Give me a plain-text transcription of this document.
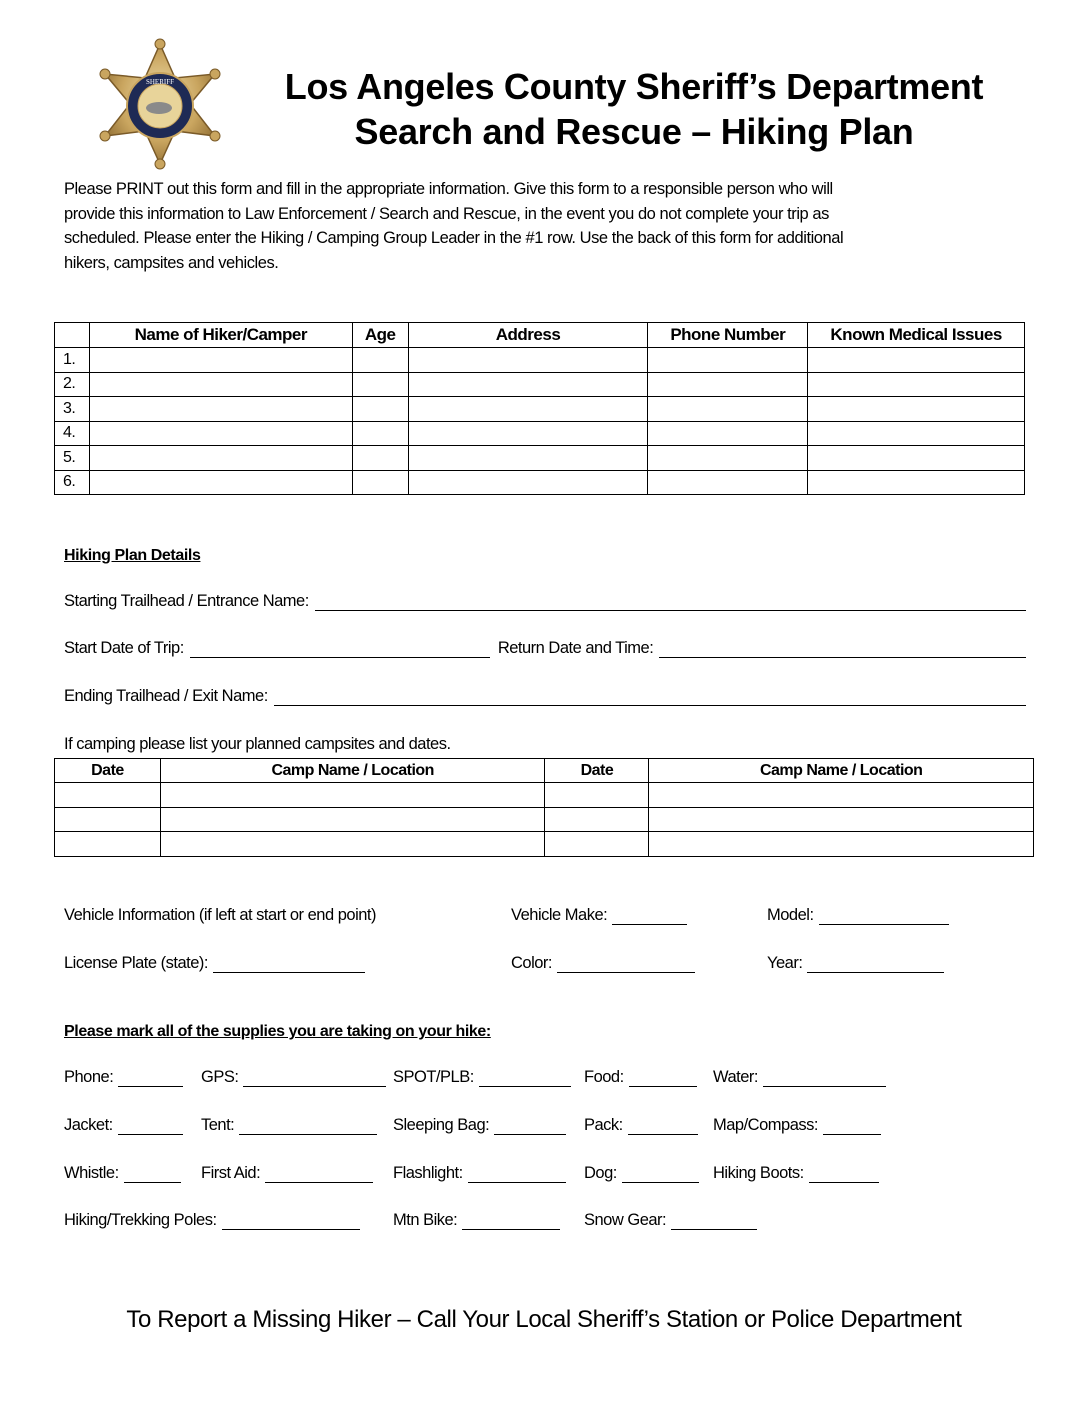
SHERIFF	Los Angeles County Sheriff’s Department
Search and Rescue – Hiking Plan
Please PRINT out this form and fill in the appropriate information. Give this form to a responsible person who will
provide this information to Law Enforcement / Search and Rescue, in the event you do not complete your trip as
scheduled. Please enter the Hiking / Camping Group Leader in the #1 row. Use the back of this form for additional
hikers, campsites and vehicles.
	Name of Hiker/Camper	Age	Address	Phone Number	Known Medical Issues
1.					
2.					
3.					
4.					
5.					
6.					
Hiking Plan Details
Starting Trailhead / Entrance Name:
Start Date of Trip:	Return Date and Time:
Ending Trailhead / Exit Name:
If camping please list your planned campsites and dates.
Date	Camp Name / Location	Date	Camp Name / Location

Vehicle Information (if left at start or end point)	Vehicle Make:	Model:
License Plate (state):	Color:	Year:
Please mark all of the supplies you are taking on your hike:
Phone:	GPS:	SPOT/PLB:	Food:	Water:
Jacket:	Tent:	Sleeping Bag:	Pack:	Map/Compass:
Whistle:	First Aid:	Flashlight:	Dog:	Hiking Boots:
Hiking/Trekking Poles:	Mtn Bike:	Snow Gear:
To Report a Missing Hiker – Call Your Local Sheriff’s Station or Police Department
